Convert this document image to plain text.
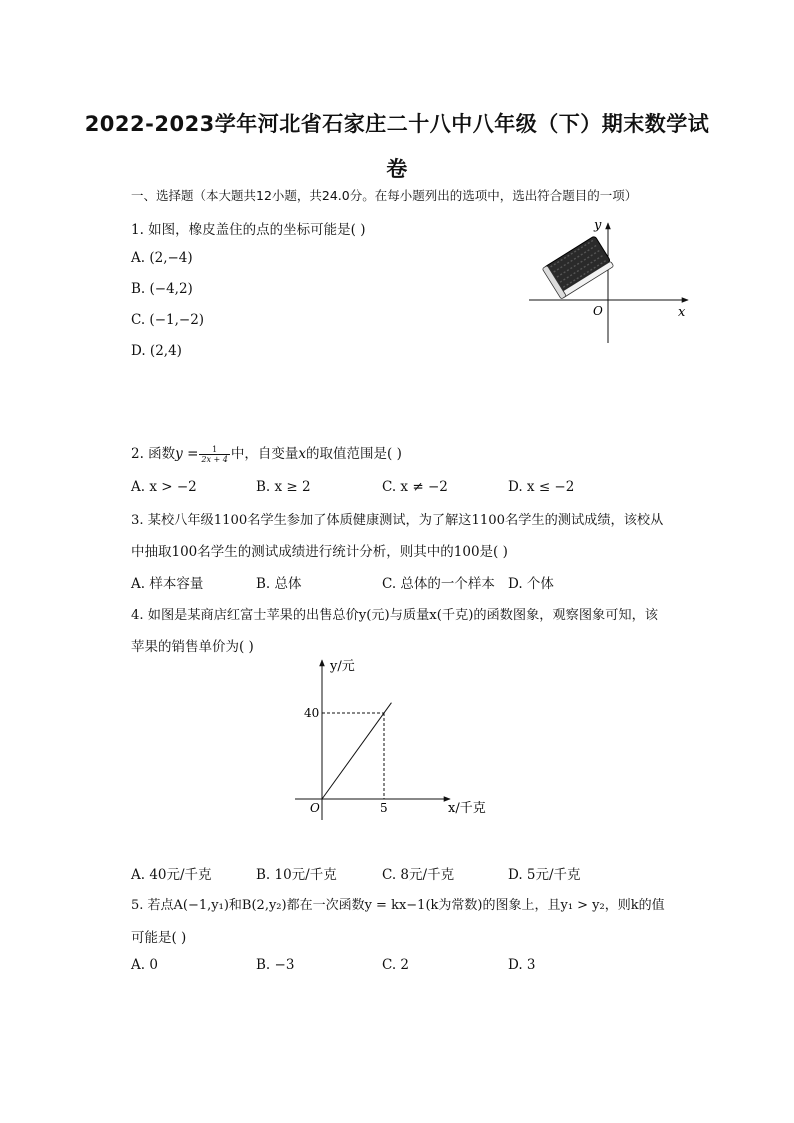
2022-2023学年河北省石家庄二十八中八年级（下）期末数学试
卷
一、选择题（本大题共12小题，共24.0分。在每小题列出的选项中，选出符合题目的一项）
1. 如图，橡皮盖住的点的坐标可能是( )
A. (2,−4)
B. (−4,2)
C. (−1,−2)
D. (2,4)
y
x
O
2. 函数$y = \frac{1}{2x + 4}$ 中，自变量x的取值范围是( )
A. x > −2	B. x ≥ 2	C. x ≠ −2	D. x ≤ −2
3. 某校八年级1100名学生参加了体质健康测试，为了解这1100名学生的测试成绩，该校从
中抽取100名学生的测试成绩进行统计分析，则其中的100是( )
A. 样本容量	B. 总体	C. 总体的一个样本 D. 个体
4. 如图是某商店红富士苹果的出售总价y(元)与质量x(千克)的函数图象，观察图象可知，该
苹果的销售单价为( )
y/元
x/千克
O
40
5
A. 40元/千克	B. 10元/千克	C. 8元/千克	D. 5元/千克
5. 若点A(−1,y₁)和B(2,y₂)都在一次函数y = kx−1(k为常数)的图象上，且y₁ > y₂，则k的值
可能是( )
A. 0	B. −3	C. 2	D. 3
